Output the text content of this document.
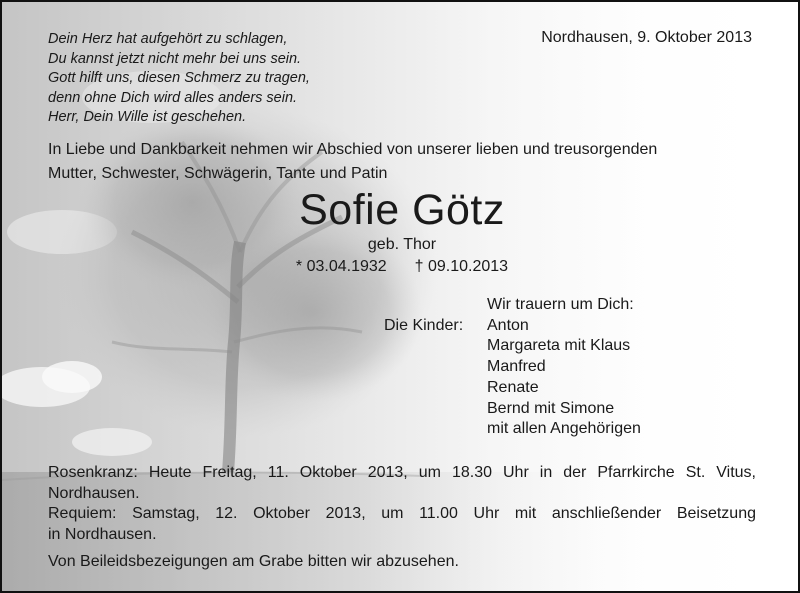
Dein Herz hat aufgehört zu schlagen,
Du kannst jetzt nicht mehr bei uns sein.
Gott hilft uns, diesen Schmerz zu tragen,
denn ohne Dich wird alles anders sein.
Herr, Dein Wille ist geschehen.
Nordhausen, 9. Oktober 2013
In Liebe und Dankbarkeit nehmen wir Abschied von unserer lieben und treusorgenden
Mutter, Schwester, Schwägerin, Tante und Patin
Sofie Götz
geb. Thor
* 03.04.1932 † 09.10.2013
Die Kinder:
Wir trauern um Dich:
Anton
Margareta mit Klaus
Manfred
Renate
Bernd mit Simone
mit allen Angehörigen
Rosenkranz: Heute Freitag, 11. Oktober 2013, um 18.30 Uhr in der Pfarrkirche St. Vitus,
Nordhausen.
Requiem: Samstag, 12. Oktober 2013, um 11.00 Uhr mit anschließender Beisetzung
in Nordhausen.
Von Beileidsbezeigungen am Grabe bitten wir abzusehen.
